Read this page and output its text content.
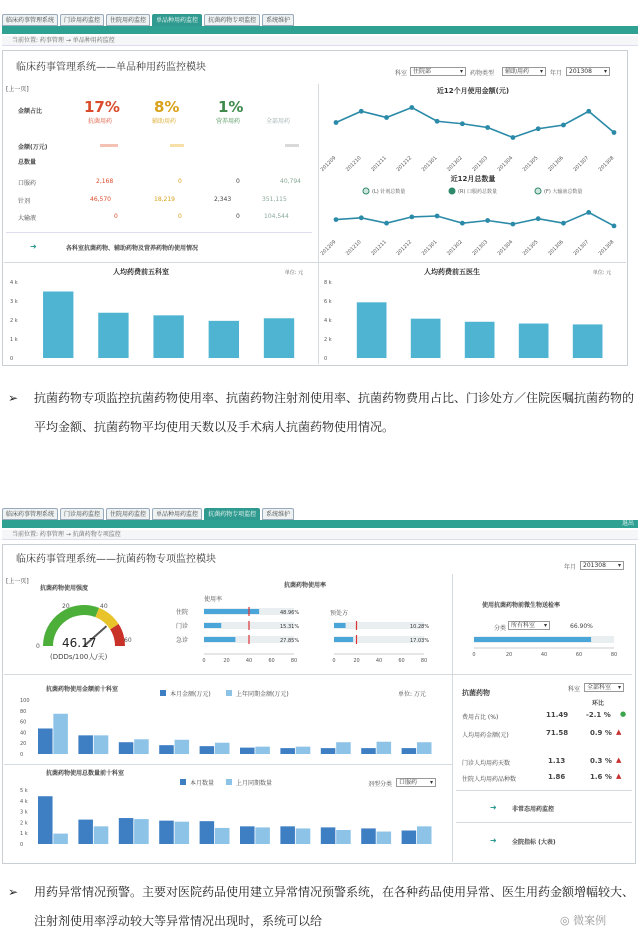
临床药事管理系统	门诊用药监控	住院用药监控	单品种用药监控	抗菌药物专项监控	系统维护
当前位置: 药事管理 → 单品种用药监控
临床药事管理系统——单品种用药监控模块
科室 住院部 ▾	药物类型	辅助用药 ▾	年月	201308 ▾
[上一页]
金额占比	17%
抗菌用药
8%
辅助用药
1%
营养用药	全部用药
金额(万元)
总数量
口服药	2,168	0	0	40,794
针剂	46,570	18,219	2,343	351,115
大输液	0	0	0	104,544
➜	各科室抗菌药物、辅助药物及营养药物的使用情况
近12个月使用金额(元)
201209 201210 201211 201212 201301 201302 201303 201304 201305 201306 201307 201308
近12月总数量
(L) 针剂总数量	(R) 口服药总数量	(F) 大输液总数量
201209 201210 201211 201212 201301 201302 201303 201304 201305 201306 201307 201308
人均药费前五科室	单位: 元
4 k
3 k
2 k
1 k
0
人均药费前五医生	单位: 元
8 k
6 k
4 k
2 k
0
➢	抗菌药物专项监控抗菌药物使用率、抗菌药物注射剂使用率、抗菌药物费用占比、门诊处方／住院医嘱抗菌药物的平均金额、抗菌药物平均使用天数以及手术病人抗菌药物使用情况。
临床药事管理系统	门诊用药监控	住院用药监控	单品种用药监控	抗菌药物专项监控	系统维护
退出
当前位置: 药事管理 → 抗菌药物专项监控
临床药事管理系统——抗菌药物专项监控模块
年月	201308 ▾
[上一页]
抗菌药物使用强度
0
20	40
60
46.17
(DDDs/100人/天)
抗菌药物使用率
使用率
预处方
住院	48.96%
门诊	15.31%
急诊	27.85%
10.28%
17.03%
0	20	40	60	80	0	20	40	60	80
使用抗菌药物前微生物送检率
分类 所有科室 ▾	66.90%
0	20	40	60	80
抗菌药物使用金额前十科室
本月金额(万元)	上年同期金额(万元)	单位: 万元
100
80
60
40
20
0
抗菌药物使用总数量前十科室
本月数量	上月同期数量	剂型分类	口服药 ▾
5 k
4 k
3 k
2 k
1 k
0
抗菌药物	科室	全部科室 ▾
环比
费用占比 (%)	11.49	-2.1 % ●
人均用药金额(元)	71.58	0.9 % ▲
门诊人均用药天数	1.13	0.3 % ▲
住院人均用药品种数	1.86	1.6 % ▲
➜	非常态用药监控
➜	全院指标 (大表)
➢	用药异常情况预警。主要对医院药品使用建立异常情况预警系统，在各种药品使用异常、医生用药金额增幅较大、注射剂使用率浮动较大等异常情况出现时，系统可以给	◎ 微案例
